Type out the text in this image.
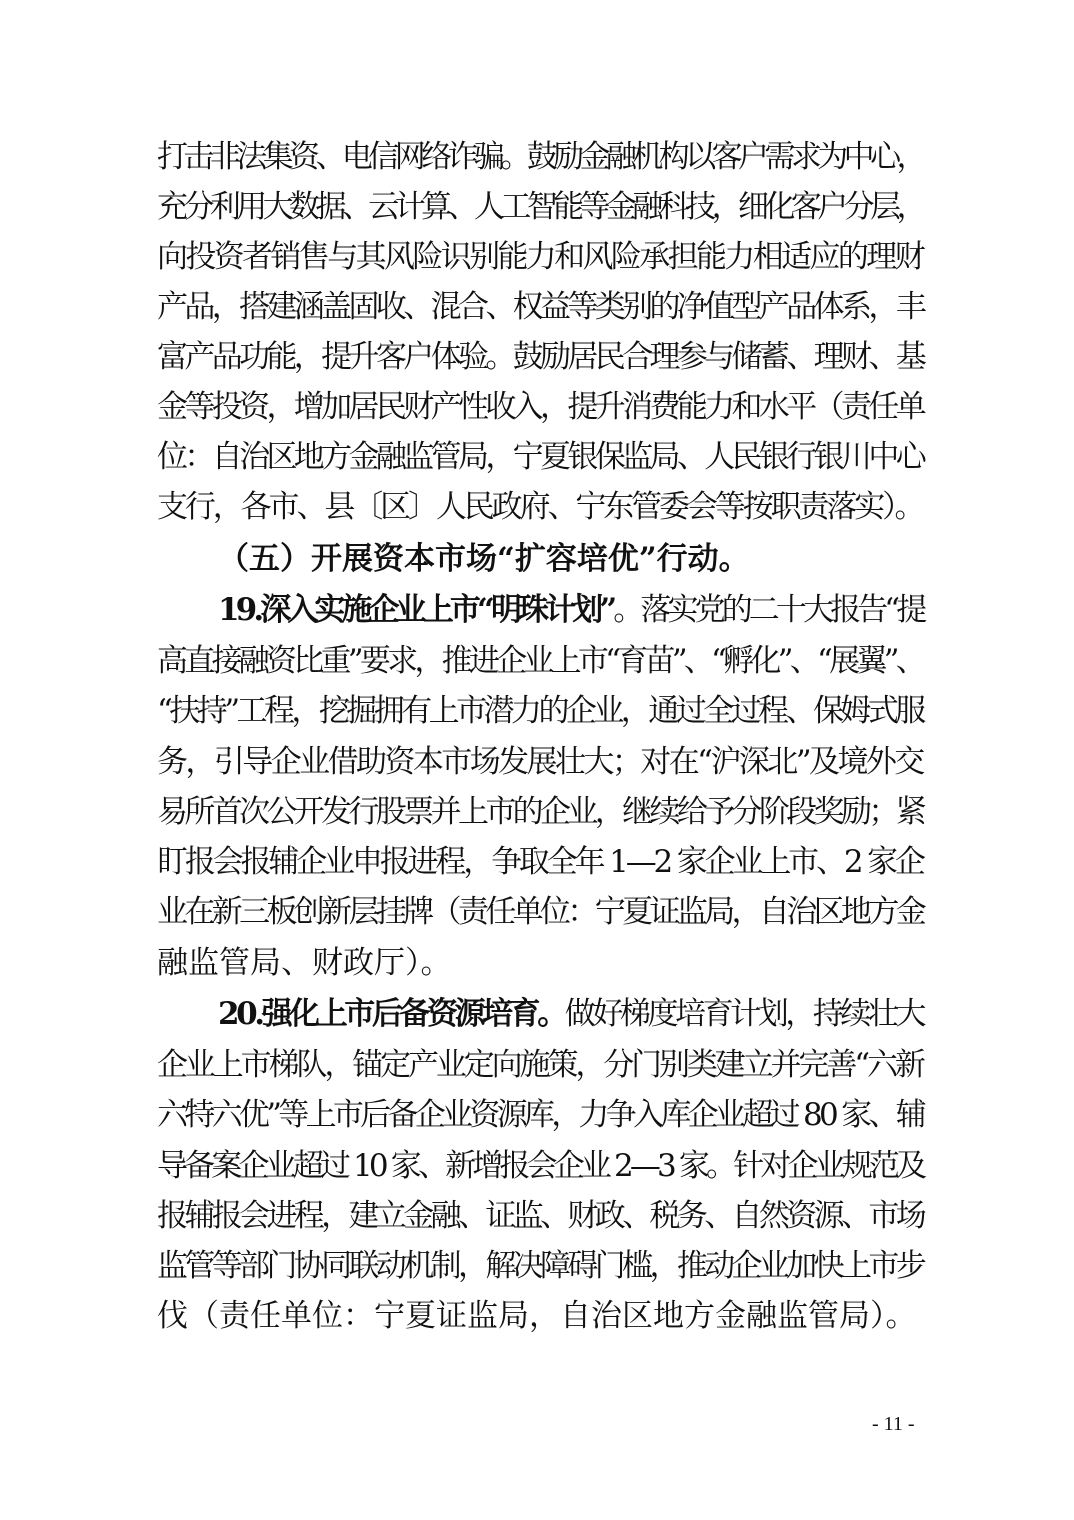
打击非法集资、电信网络诈骗。鼓励金融机构以客户需求为中心，
充分利用大数据、云计算、人工智能等金融科技，细化客户分层，
向投资者销售与其风险识别能力和风险承担能力相适应的理财
产品，搭建涵盖固收、混合、权益等类别的净值型产品体系，丰
富产品功能，提升客户体验。鼓励居民合理参与储蓄、理财、基
金等投资，增加居民财产性收入，提升消费能力和水平（责任单
位：自治区地方金融监管局，宁夏银保监局、人民银行银川中心
支行，各市、县〔区〕人民政府、宁东管委会等按职责落实）。
（五）开展资本市场“扩容培优”行动。
19.深入实施企业上市“明珠计划”。落实党的二十大报告“提
高直接融资比重”要求，推进企业上市“育苗”、“孵化”、“展翼”、
“扶持”工程，挖掘拥有上市潜力的企业，通过全过程、保姆式服
务，引导企业借助资本市场发展壮大；对在“沪深北”及境外交
易所首次公开发行股票并上市的企业，继续给予分阶段奖励；紧
盯报会报辅企业申报进程，争取全年 1—2 家企业上市、2 家企
业在新三板创新层挂牌（责任单位：宁夏证监局，自治区地方金
融监管局、财政厅）。
20.强化上市后备资源培育。做好梯度培育计划，持续壮大
企业上市梯队，锚定产业定向施策，分门别类建立并完善“六新
六特六优”等上市后备企业资源库，力争入库企业超过 80 家、辅
导备案企业超过 10 家、新增报会企业 2—3 家。针对企业规范及
报辅报会进程，建立金融、证监、财政、税务、自然资源、市场
监管等部门协同联动机制，解决障碍门槛，推动企业加快上市步
伐（责任单位：宁夏证监局，自治区地方金融监管局）。
- 11 -
